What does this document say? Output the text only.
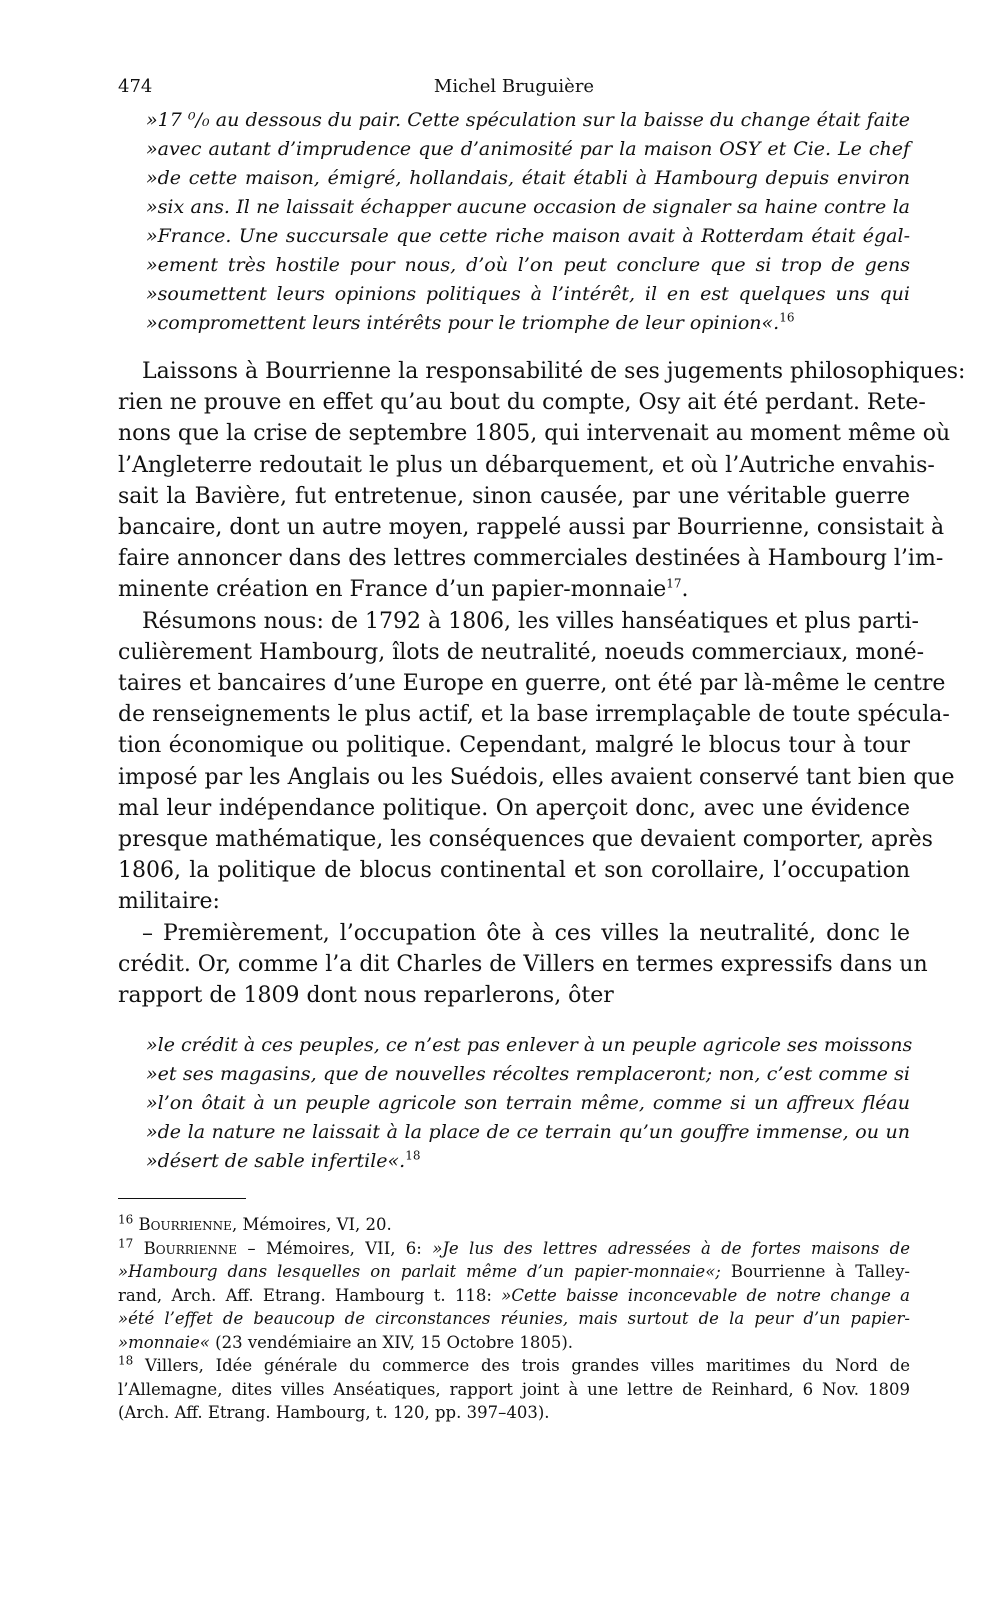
474	Michel Bruguière
»17 ⁰/₀ au dessous du pair. Cette spéculation sur la baisse du change était faite
»avec autant d’imprudence que d’animosité par la maison OSY et Cie. Le chef
»de cette maison, émigré, hollandais, était établi à Hambourg depuis environ
»six ans. Il ne laissait échapper aucune occasion de signaler sa haine contre la
»France. Une succursale que cette riche maison avait à Rotterdam était égal-
»ement très hostile pour nous, d’où l’on peut conclure que si trop de gens
»soumettent leurs opinions politiques à l’intérêt, il en est quelques uns qui
»compromettent leurs intérêts pour le triomphe de leur opinion«.$^{16}$

Laissons à Bourrienne la responsabilité de ses jugements philosophiques:
rien ne prouve en effet qu’au bout du compte, Osy ait été perdant. Rete-
nons que la crise de septembre 1805, qui intervenait au moment même où
l’Angleterre redoutait le plus un débarquement, et où l’Autriche envahis-
sait la Bavière, fut entretenue, sinon causée, par une véritable guerre
bancaire, dont un autre moyen, rappelé aussi par Bourrienne, consistait à
faire annoncer dans des lettres commerciales destinées à Hambourg l’im-
minente création en France d’un papier-monnaie$^{17}$.

Résumons nous: de 1792 à 1806, les villes hanséatiques et plus parti-
culièrement Hambourg, îlots de neutralité, noeuds commerciaux, moné-
taires et bancaires d’une Europe en guerre, ont été par là-même le centre
de renseignements le plus actif, et la base irremplaçable de toute spécula-
tion économique ou politique. Cependant, malgré le blocus tour à tour
imposé par les Anglais ou les Suédois, elles avaient conservé tant bien que
mal leur indépendance politique. On aperçoit donc, avec une évidence
presque mathématique, les conséquences que devaient comporter, après
1806, la politique de blocus continental et son corollaire, l’occupation
militaire:

– Premièrement, l’occupation ôte à ces villes la neutralité, donc le
crédit. Or, comme l’a dit Charles de Villers en termes expressifs dans un
rapport de 1809 dont nous reparlerons, ôter

»le crédit à ces peuples, ce n’est pas enlever à un peuple agricole ses moissons
»et ses magasins, que de nouvelles récoltes remplaceront; non, c’est comme si
»l’on ôtait à un peuple agricole son terrain même, comme si un affreux fléau
»de la nature ne laissait à la place de ce terrain qu’un gouffre immense, ou un
»désert de sable infertile«.$^{18}$
$^{16}$ Bourrienne, Mémoires, VI, 20.
$^{17}$ Bourrienne – Mémoires, VII, 6: »Je lus des lettres adressées à de fortes maisons de
»Hambourg dans lesquelles on parlait même d’un papier-monnaie«; Bourrienne à Talley-
rand, Arch. Aff. Etrang. Hambourg t. 118: »Cette baisse inconcevable de notre change a
»été l’effet de beaucoup de circonstances réunies, mais surtout de la peur d’un papier-
»monnaie« (23 vendémiaire an XIV, 15 Octobre 1805).
$^{18}$ Villers, Idée générale du commerce des trois grandes villes maritimes du Nord de
l’Allemagne, dites villes Anséatiques, rapport joint à une lettre de Reinhard, 6 Nov. 1809
(Arch. Aff. Etrang. Hambourg, t. 120, pp. 397–403).
